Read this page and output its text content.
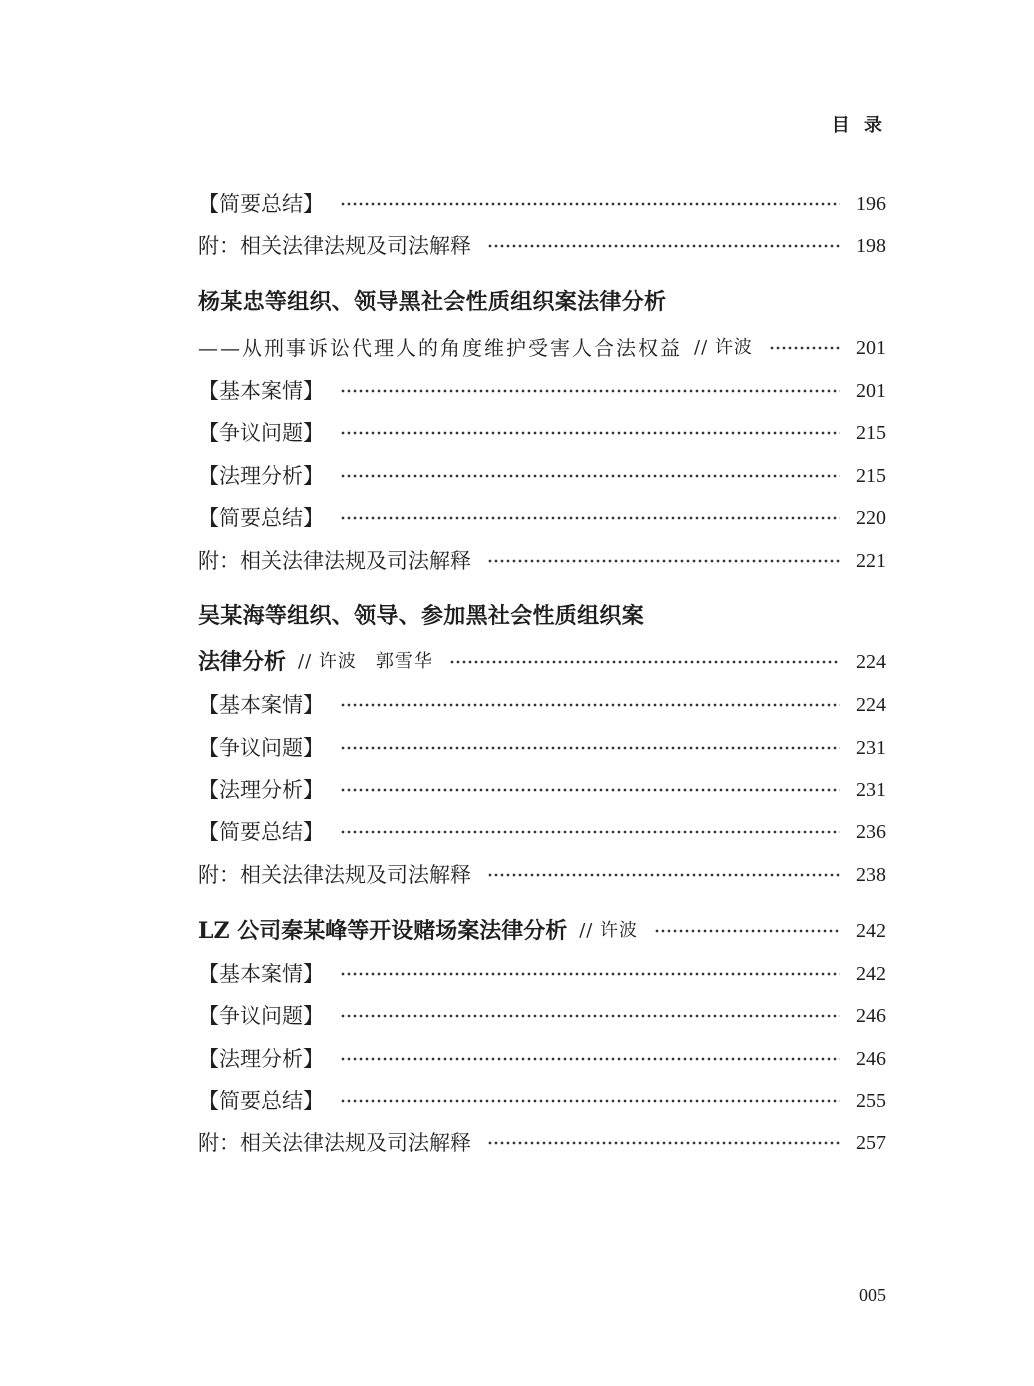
目 录
【简要总结】	196
附：相关法律法规及司法解释	198
杨某忠等组织、领导黑社会性质组织案法律分析
——从刑事诉讼代理人的角度维护受害人合法权益 // 许波	201
【基本案情】	201
【争议问题】	215
【法理分析】	215
【简要总结】	220
附：相关法律法规及司法解释	221
吴某海等组织、领导、参加黑社会性质组织案
法律分析 // 许波　郭雪华	224
【基本案情】	224
【争议问题】	231
【法理分析】	231
【简要总结】	236
附：相关法律法规及司法解释	238
LZ 公司秦某峰等开设赌场案法律分析 // 许波	242
【基本案情】	242
【争议问题】	246
【法理分析】	246
【简要总结】	255
附：相关法律法规及司法解释	257
005
